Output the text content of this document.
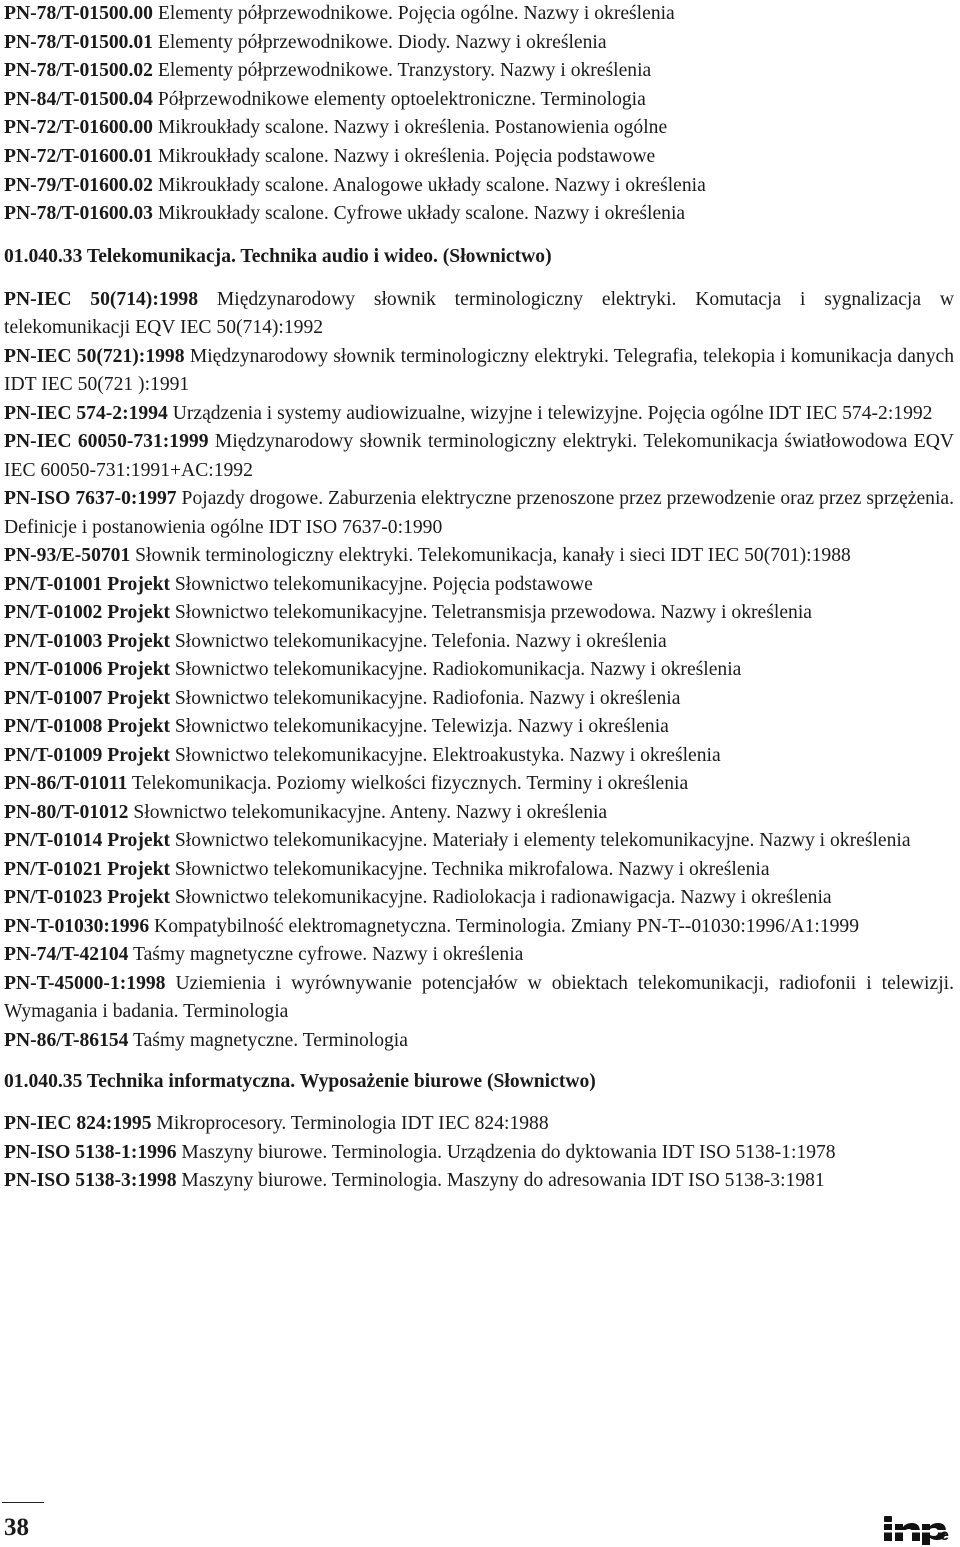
PN-78/T-01500.00 Elementy półprzewodnikowe. Pojęcia ogólne. Nazwy i określenia
PN-78/T-01500.01 Elementy półprzewodnikowe. Diody. Nazwy i określenia
PN-78/T-01500.02 Elementy półprzewodnikowe. Tranzystory. Nazwy i określenia
PN-84/T-01500.04 Półprzewodnikowe elementy optoelektroniczne. Terminologia
PN-72/T-01600.00 Mikroukłady scalone. Nazwy i określenia. Postanowienia ogólne
PN-72/T-01600.01 Mikroukłady scalone. Nazwy i określenia. Pojęcia podstawowe
PN-79/T-01600.02 Mikroukłady scalone. Analogowe układy scalone. Nazwy i określenia
PN-78/T-01600.03 Mikroukłady scalone. Cyfrowe układy scalone. Nazwy i określenia
01.040.33 Telekomunikacja. Technika audio i wideo. (Słownictwo)
PN-IEC 50(714):1998 Międzynarodowy słownik terminologiczny elektryki. Komutacja i sygnalizacja w telekomunikacji EQV IEC 50(714):1992
PN-IEC 50(721):1998 Międzynarodowy słownik terminologiczny elektryki. Telegrafia, telekopia i komunikacja danych IDT IEC 50(721 ):1991
PN-IEC 574-2:1994 Urządzenia i systemy audiowizualne, wizyjne i telewizyjne. Pojęcia ogólne IDT IEC 574-2:1992
PN-IEC 60050-731:1999 Międzynarodowy słownik terminologiczny elektryki. Telekomunikacja światłowodowa EQV IEC 60050-731:1991+AC:1992
PN-ISO 7637-0:1997 Pojazdy drogowe. Zaburzenia elektryczne przenoszone przez przewodzenie oraz przez sprzężenia. Definicje i postanowienia ogólne IDT ISO 7637-0:1990
PN-93/E-50701 Słownik terminologiczny elektryki. Telekomunikacja, kanały i sieci IDT IEC 50(701):1988
PN/T-01001 Projekt Słownictwo telekomunikacyjne. Pojęcia podstawowe
PN/T-01002 Projekt Słownictwo telekomunikacyjne. Teletransmisja przewodowa. Nazwy i określenia
PN/T-01003 Projekt Słownictwo telekomunikacyjne. Telefonia. Nazwy i określenia
PN/T-01006 Projekt Słownictwo telekomunikacyjne. Radiokomunikacja. Nazwy i określenia
PN/T-01007 Projekt Słownictwo telekomunikacyjne. Radiofonia. Nazwy i określenia
PN/T-01008 Projekt Słownictwo telekomunikacyjne. Telewizja. Nazwy i określenia
PN/T-01009 Projekt Słownictwo telekomunikacyjne. Elektroakustyka. Nazwy i określenia
PN-86/T-01011 Telekomunikacja. Poziomy wielkości fizycznych. Terminy i określenia
PN-80/T-01012 Słownictwo telekomunikacyjne. Anteny. Nazwy i określenia
PN/T-01014 Projekt Słownictwo telekomunikacyjne. Materiały i elementy telekomunikacyjne. Nazwy i określenia
PN/T-01021 Projekt Słownictwo telekomunikacyjne. Technika mikrofalowa. Nazwy i określenia
PN/T-01023 Projekt Słownictwo telekomunikacyjne. Radiolokacja i radionawigacja. Nazwy i określenia
PN-T-01030:1996 Kompatybilność elektromagnetyczna. Terminologia. Zmiany PN-T--01030:1996/A1:1999
PN-74/T-42104 Taśmy magnetyczne cyfrowe. Nazwy i określenia
PN-T-45000-1:1998 Uziemienia i wyrównywanie potencjałów w obiektach telekomunikacji, radiofonii i telewizji. Wymagania i badania. Terminologia
PN-86/T-86154 Taśmy magnetyczne. Terminologia
01.040.35 Technika informatyczna. Wyposażenie biurowe (Słownictwo)
PN-IEC 824:1995 Mikroprocesory. Terminologia IDT IEC 824:1988
PN-ISO 5138-1:1996 Maszyny biurowe. Terminologia. Urządzenia do dyktowania IDT ISO 5138-1:1978
PN-ISO 5138-3:1998 Maszyny biurowe. Terminologia. Maszyny do adresowania IDT ISO 5138-3:1981
38	e
